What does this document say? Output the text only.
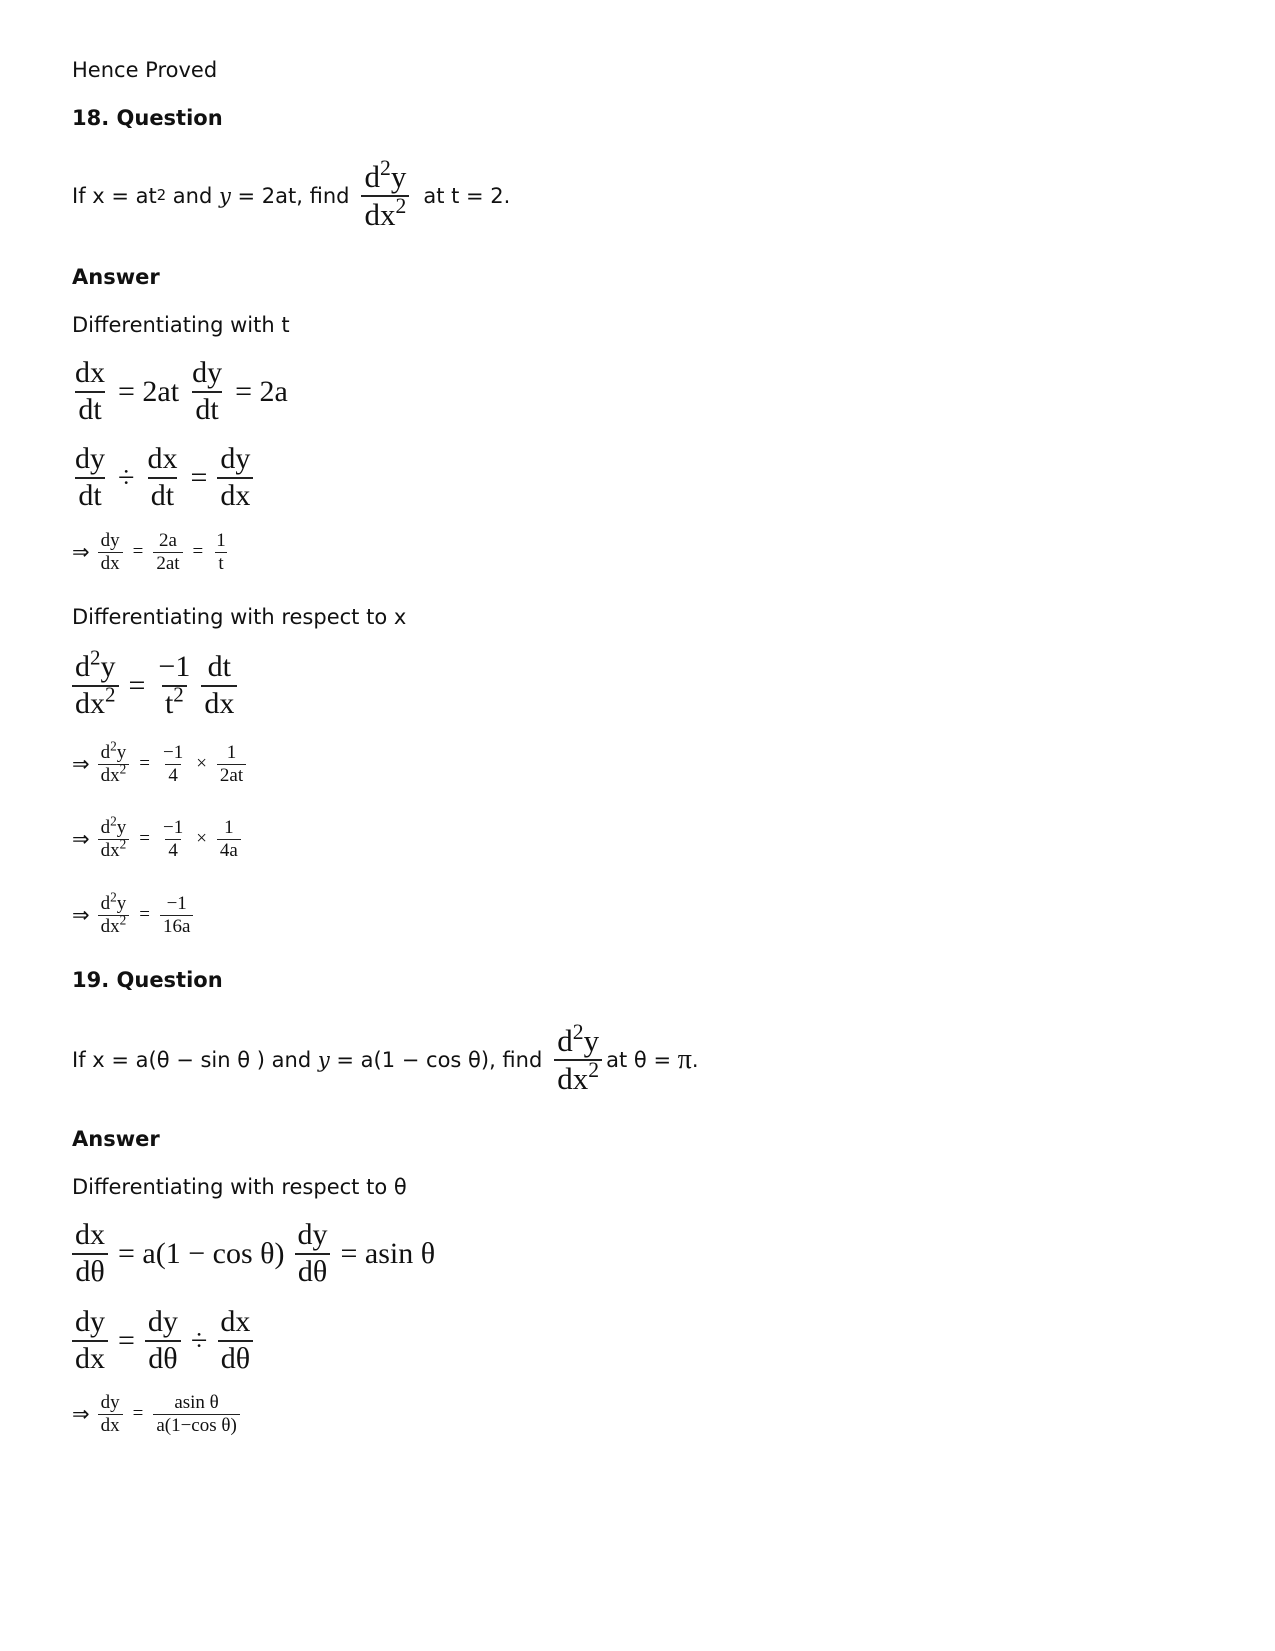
Hence Proved
18. Question
If x = at 2 and y = 2at, find $\frac{d^2y}{dx^2}$ at t = 2.
Answer
Differentiating with t
$\frac{dx}{dt} = 2at \frac{dy}{dt} = 2a$
$\frac{dy}{dt} \div \frac{dx}{dt} = \frac{dy}{dx}$
⇒ $\frac{dy}{dx} = \frac{2a}{2at} = \frac{1}{t}$
Differentiating with respect to x
$\frac{d^2y}{dx^2} = \frac{-1}{t^2} \frac{dt}{dx}$
⇒ $\frac{d^2y}{dx^2} = \frac{-1}{4} \times \frac{1}{2at}$
⇒ $\frac{d^2y}{dx^2} = \frac{-1}{4} \times \frac{1}{4a}$
⇒ $\frac{d^2y}{dx^2} = \frac{-1}{16a}$
19. Question
If x = a(θ − sin θ ) and y = a(1 − cos θ), find $\frac{d^2y}{dx^2}$ at θ = π .
Answer
Differentiating with respect to θ
$\frac{dx}{d\theta} = a(1 - \cos \theta) \frac{dy}{d\theta} = asin$ θ
$\frac{dy}{dx} = \frac{dy}{d\theta} \div \frac{dx}{d\theta}$
⇒ $\frac{dy}{dx} = \frac{\text{asin θ}}{\text{a(1−cos θ)}}$
